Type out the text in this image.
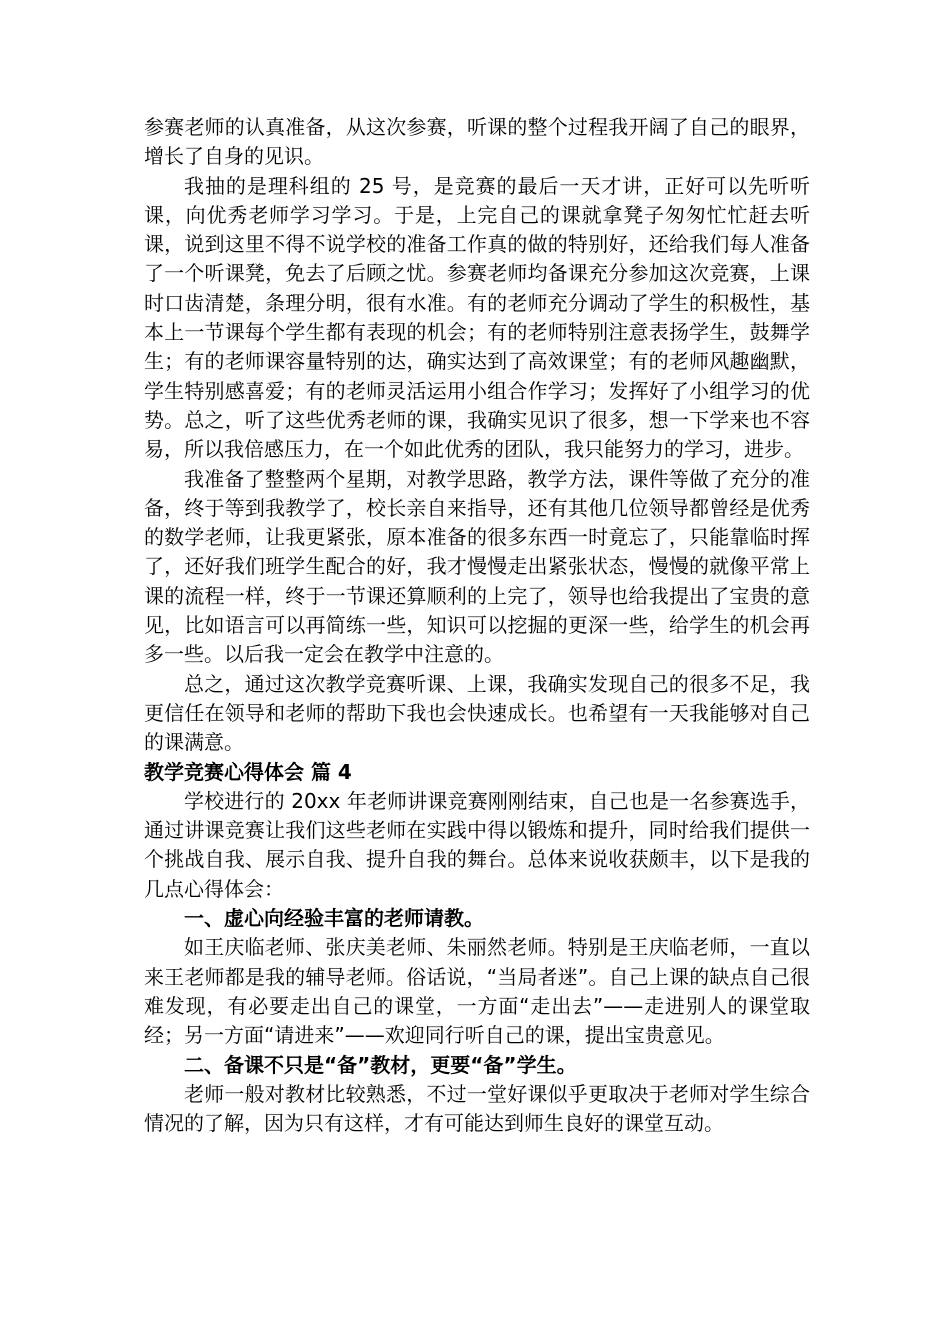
参赛老师的认真准备，从这次参赛，听课的整个过程我开阔了自己的眼界，增长了自身的见识。

我抽的是理科组的 25 号，是竞赛的最后一天才讲，正好可以先听听课，向优秀老师学习学习。于是，上完自己的课就拿凳子匆匆忙忙赶去听课，说到这里不得不说学校的准备工作真的做的特别好，还给我们每人准备了一个听课凳，免去了后顾之忧。参赛老师均备课充分参加这次竞赛，上课时口齿清楚，条理分明，很有水准。有的老师充分调动了学生的积极性，基本上一节课每个学生都有表现的机会；有的老师特别注意表扬学生，鼓舞学生；有的老师课容量特别的达，确实达到了高效课堂；有的老师风趣幽默，学生特别感喜爱；有的老师灵活运用小组合作学习；发挥好了小组学习的优势。总之，听了这些优秀老师的课，我确实见识了很多，想一下学来也不容易，所以我倍感压力，在一个如此优秀的团队，我只能努力的学习，进步。

我准备了整整两个星期，对教学思路，教学方法，课件等做了充分的准备，终于等到我教学了，校长亲自来指导，还有其他几位领导都曾经是优秀的数学老师，让我更紧张，原本准备的很多东西一时竟忘了，只能靠临时挥了，还好我们班学生配合的好，我才慢慢走出紧张状态，慢慢的就像平常上课的流程一样，终于一节课还算顺利的上完了，领导也给我提出了宝贵的意见，比如语言可以再简练一些，知识可以挖掘的更深一些，给学生的机会再多一些。以后我一定会在教学中注意的。

总之，通过这次教学竞赛听课、上课，我确实发现自己的很多不足，我更信任在领导和老师的帮助下我也会快速成长。也希望有一天我能够对自己的课满意。

教学竞赛心得体会 篇 4

学校进行的 20xx 年老师讲课竞赛刚刚结束，自己也是一名参赛选手，通过讲课竞赛让我们这些老师在实践中得以锻炼和提升，同时给我们提供一个挑战自我、展示自我、提升自我的舞台。总体来说收获颇丰，以下是我的几点心得体会：

一、虚心向经验丰富的老师请教。

如王庆临老师、张庆美老师、朱丽然老师。特别是王庆临老师，一直以来王老师都是我的辅导老师。俗话说，“当局者迷”。自己上课的缺点自己很难发现，有必要走出自己的课堂，一方面“走出去”——走进别人的课堂取经；另一方面“请进来”——欢迎同行听自己的课，提出宝贵意见。

二、备课不只是“备”教材，更要“备”学生。

老师一般对教材比较熟悉，不过一堂好课似乎更取决于老师对学生综合情况的了解，因为只有这样，才有可能达到师生良好的课堂互动。
